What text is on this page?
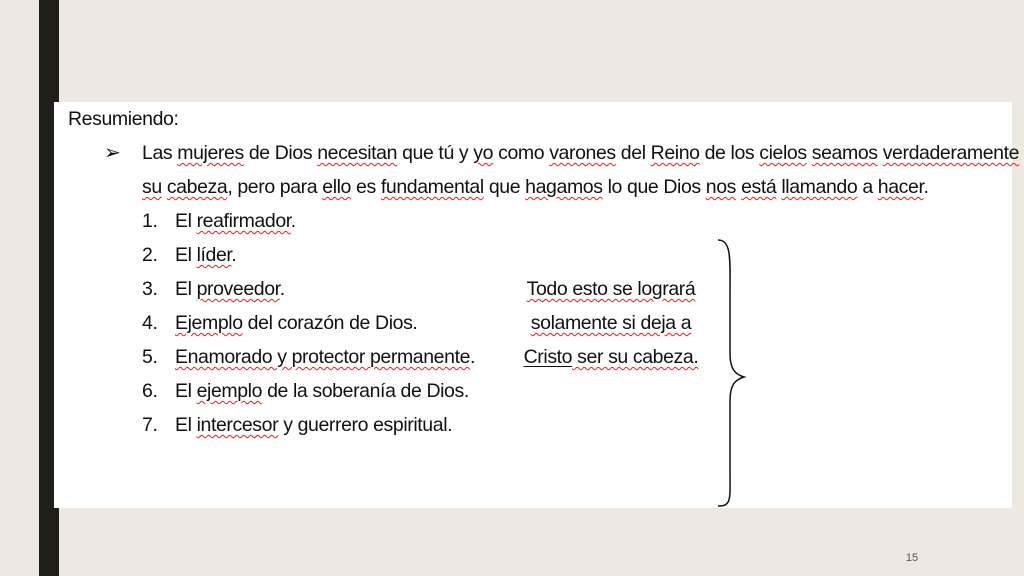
Resumiendo:
➢ Las mujeres de Dios necesitan que tú y yo como varones del Reino de los cielos seamos verdaderamente
su cabeza, pero para ello es fundamental que hagamos lo que Dios nos está llamando a hacer.
1. El reafirmador.
2. El líder.
3. El proveedor.
4. Ejemplo del corazón de Dios.
5. Enamorado y protector permanente.
6. El ejemplo de la soberanía de Dios.
7. El intercesor y guerrero espiritual.
Todo esto se logrará
solamente si deja a
Cristo ser su cabeza.
15
